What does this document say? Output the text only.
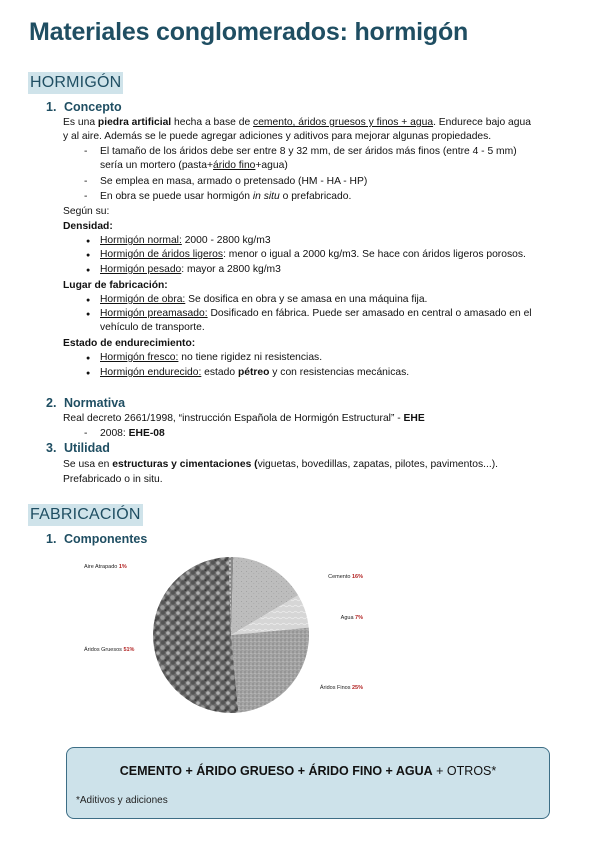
Materiales conglomerados: hormigón
HORMIGÓN
1. Concepto
Es una piedra artificial hecha a base de cemento, áridos gruesos y finos + agua. Endurece bajo agua
y al aire. Además se le puede agregar adiciones y aditivos para mejorar algunas propiedades.
- El tamaño de los áridos debe ser entre 8 y 32 mm, de ser áridos más finos (entre 4 - 5 mm)
sería un mortero (pasta+árido fino+agua)
- Se emplea en masa, armado o pretensado (HM - HA - HP)
- En obra se puede usar hormigón in situ o prefabricado.
Según su:
Densidad:
● Hormigón normal: 2000 - 2800 kg/m3
● Hormigón de áridos ligeros: menor o igual a 2000 kg/m3. Se hace con áridos ligeros porosos.
● Hormigón pesado: mayor a 2800 kg/m3
Lugar de fabricación:
● Hormigón de obra: Se dosifica en obra y se amasa en una máquina fija.
● Hormigón preamasado: Dosificado en fábrica. Puede ser amasado en central o amasado en el
vehículo de transporte.
Estado de endurecimiento:
● Hormigón fresco: no tiene rigidez ni resistencias.
● Hormigón endurecido: estado pétreo y con resistencias mecánicas.
2. Normativa
Real decreto 2661/1998, “instrucción Española de Hormigón Estructural” - EHE
- 2008: EHE-08
3. Utilidad
Se usa en estructuras y cimentaciones (viguetas, bovedillas, zapatas, pilotes, pavimentos...).
Prefabricado o in situ.
FABRICACIÓN
1. Componentes
Aire Atrapado 1%
Cemento 16%
Agua 7%
Áridos Finos 25%
Áridos Gruesos 51%
CEMENTO + ÁRIDO GRUESO + ÁRIDO FINO + AGUA + OTROS*
*Aditivos y adiciones
